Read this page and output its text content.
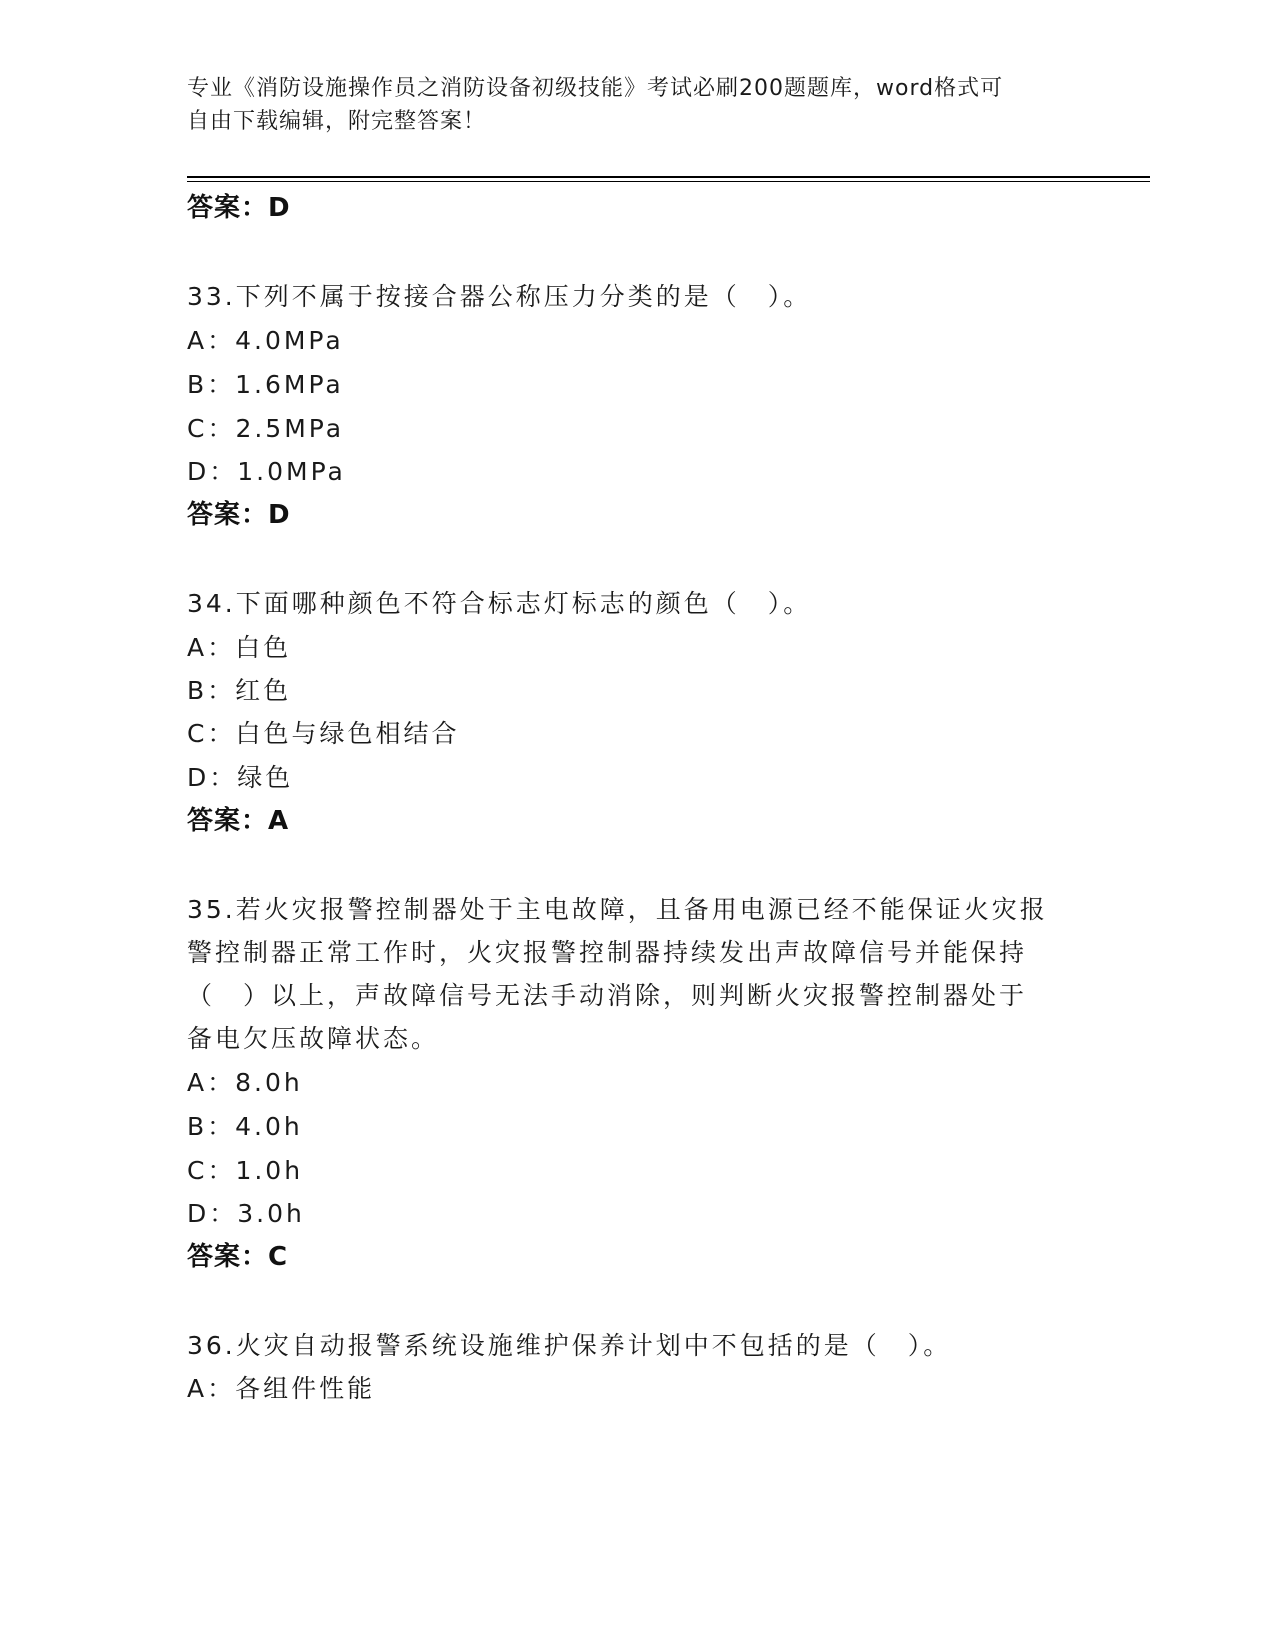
专业《消防设施操作员之消防设备初级技能》考试必刷200题题库，word格式可
自由下载编辑，附完整答案！
答案：D
33.下列不属于按接合器公称压力分类的是（　）。
A：4.0MPa
B：1.6MPa
C：2.5MPa
D：1.0MPa
答案：D
34.下面哪种颜色不符合标志灯标志的颜色（　）。
A：白色
B：红色
C：白色与绿色相结合
D：绿色
答案：A
35.若火灾报警控制器处于主电故障，且备用电源已经不能保证火灾报
警控制器正常工作时，火灾报警控制器持续发出声故障信号并能保持
（　）以上，声故障信号无法手动消除，则判断火灾报警控制器处于
备电欠压故障状态。
A：8.0h
B：4.0h
C：1.0h
D：3.0h
答案：C
36.火灾自动报警系统设施维护保养计划中不包括的是（　）。
A：各组件性能
